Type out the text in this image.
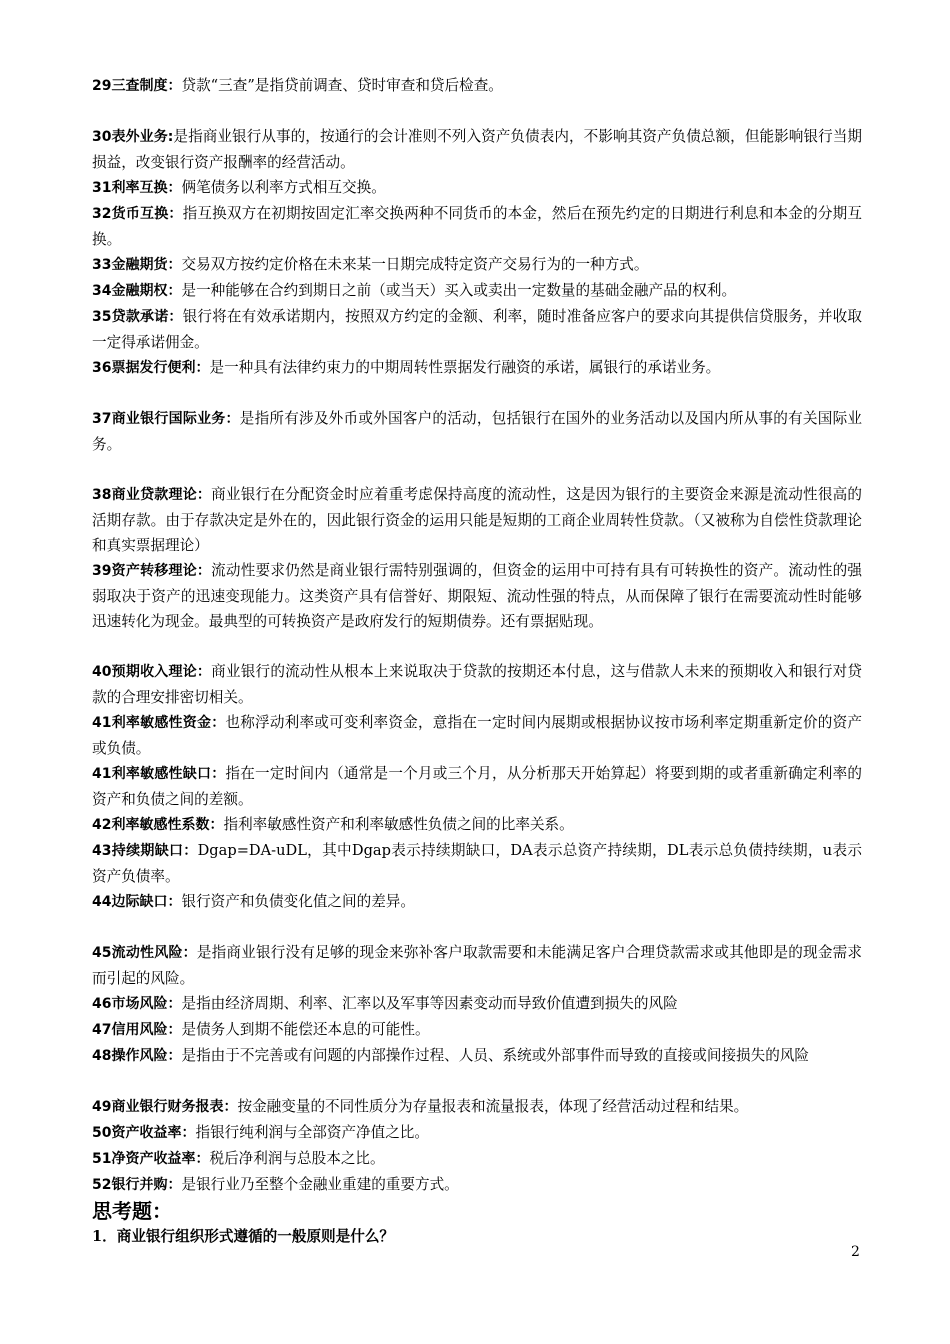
29三查制度：贷款“三查”是指贷前调查、贷时审查和贷后检查。

30表外业务:是指商业银行从事的，按通行的会计准则不列入资产负债表内，不影响其资产负债总额，但能影响银行当期损益，改变银行资产报酬率的经营活动。

31利率互换：俩笔债务以利率方式相互交换。

32货币互换：指互换双方在初期按固定汇率交换两种不同货币的本金，然后在预先约定的日期进行利息和本金的分期互换。

33金融期货：交易双方按约定价格在未来某一日期完成特定资产交易行为的一种方式。

34金融期权：是一种能够在合约到期日之前（或当天）买入或卖出一定数量的基础金融产品的权利。

35贷款承诺：银行将在有效承诺期内，按照双方约定的金额、利率，随时准备应客户的要求向其提供信贷服务，并收取一定得承诺佣金。

36票据发行便利：是一种具有法律约束力的中期周转性票据发行融资的承诺，属银行的承诺业务。

37商业银行国际业务：是指所有涉及外币或外国客户的活动，包括银行在国外的业务活动以及国内所从事的有关国际业务。

38商业贷款理论：商业银行在分配资金时应着重考虑保持高度的流动性，这是因为银行的主要资金来源是流动性很高的活期存款。由于存款决定是外在的，因此银行资金的运用只能是短期的工商企业周转性贷款。（又被称为自偿性贷款理论和真实票据理论）

39资产转移理论：流动性要求仍然是商业银行需特别强调的，但资金的运用中可持有具有可转换性的资产。流动性的强弱取决于资产的迅速变现能力。这类资产具有信誉好、期限短、流动性强的特点，从而保障了银行在需要流动性时能够迅速转化为现金。最典型的可转换资产是政府发行的短期债券。还有票据贴现。

40预期收入理论：商业银行的流动性从根本上来说取决于贷款的按期还本付息，这与借款人未来的预期收入和银行对贷款的合理安排密切相关。

41利率敏感性资金：也称浮动利率或可变利率资金，意指在一定时间内展期或根据协议按市场利率定期重新定价的资产或负债。

41利率敏感性缺口：指在一定时间内（通常是一个月或三个月，从分析那天开始算起）将要到期的或者重新确定利率的资产和负债之间的差额。

42利率敏感性系数：指利率敏感性资产和利率敏感性负债之间的比率关系。

43持续期缺口：Dgap=DA-uDL，其中Dgap表示持续期缺口，DA表示总资产持续期，DL表示总负债持续期，u表示资产负债率。

44边际缺口：银行资产和负债变化值之间的差异。

45流动性风险：是指商业银行没有足够的现金来弥补客户取款需要和未能满足客户合理贷款需求或其他即是的现金需求而引起的风险。

46市场风险：是指由经济周期、利率、汇率以及军事等因素变动而导致价值遭到损失的风险

47信用风险：是债务人到期不能偿还本息的可能性。

48操作风险：是指由于不完善或有问题的内部操作过程、人员、系统或外部事件而导致的直接或间接损失的风险

49商业银行财务报表：按金融变量的不同性质分为存量报表和流量报表，体现了经营活动过程和结果。

50资产收益率：指银行纯利润与全部资产净值之比。

51净资产收益率：税后净利润与总股本之比。

52银行并购：是银行业乃至整个金融业重建的重要方式。

思考题：

1．商业银行组织形式遵循的一般原则是什么？

2
